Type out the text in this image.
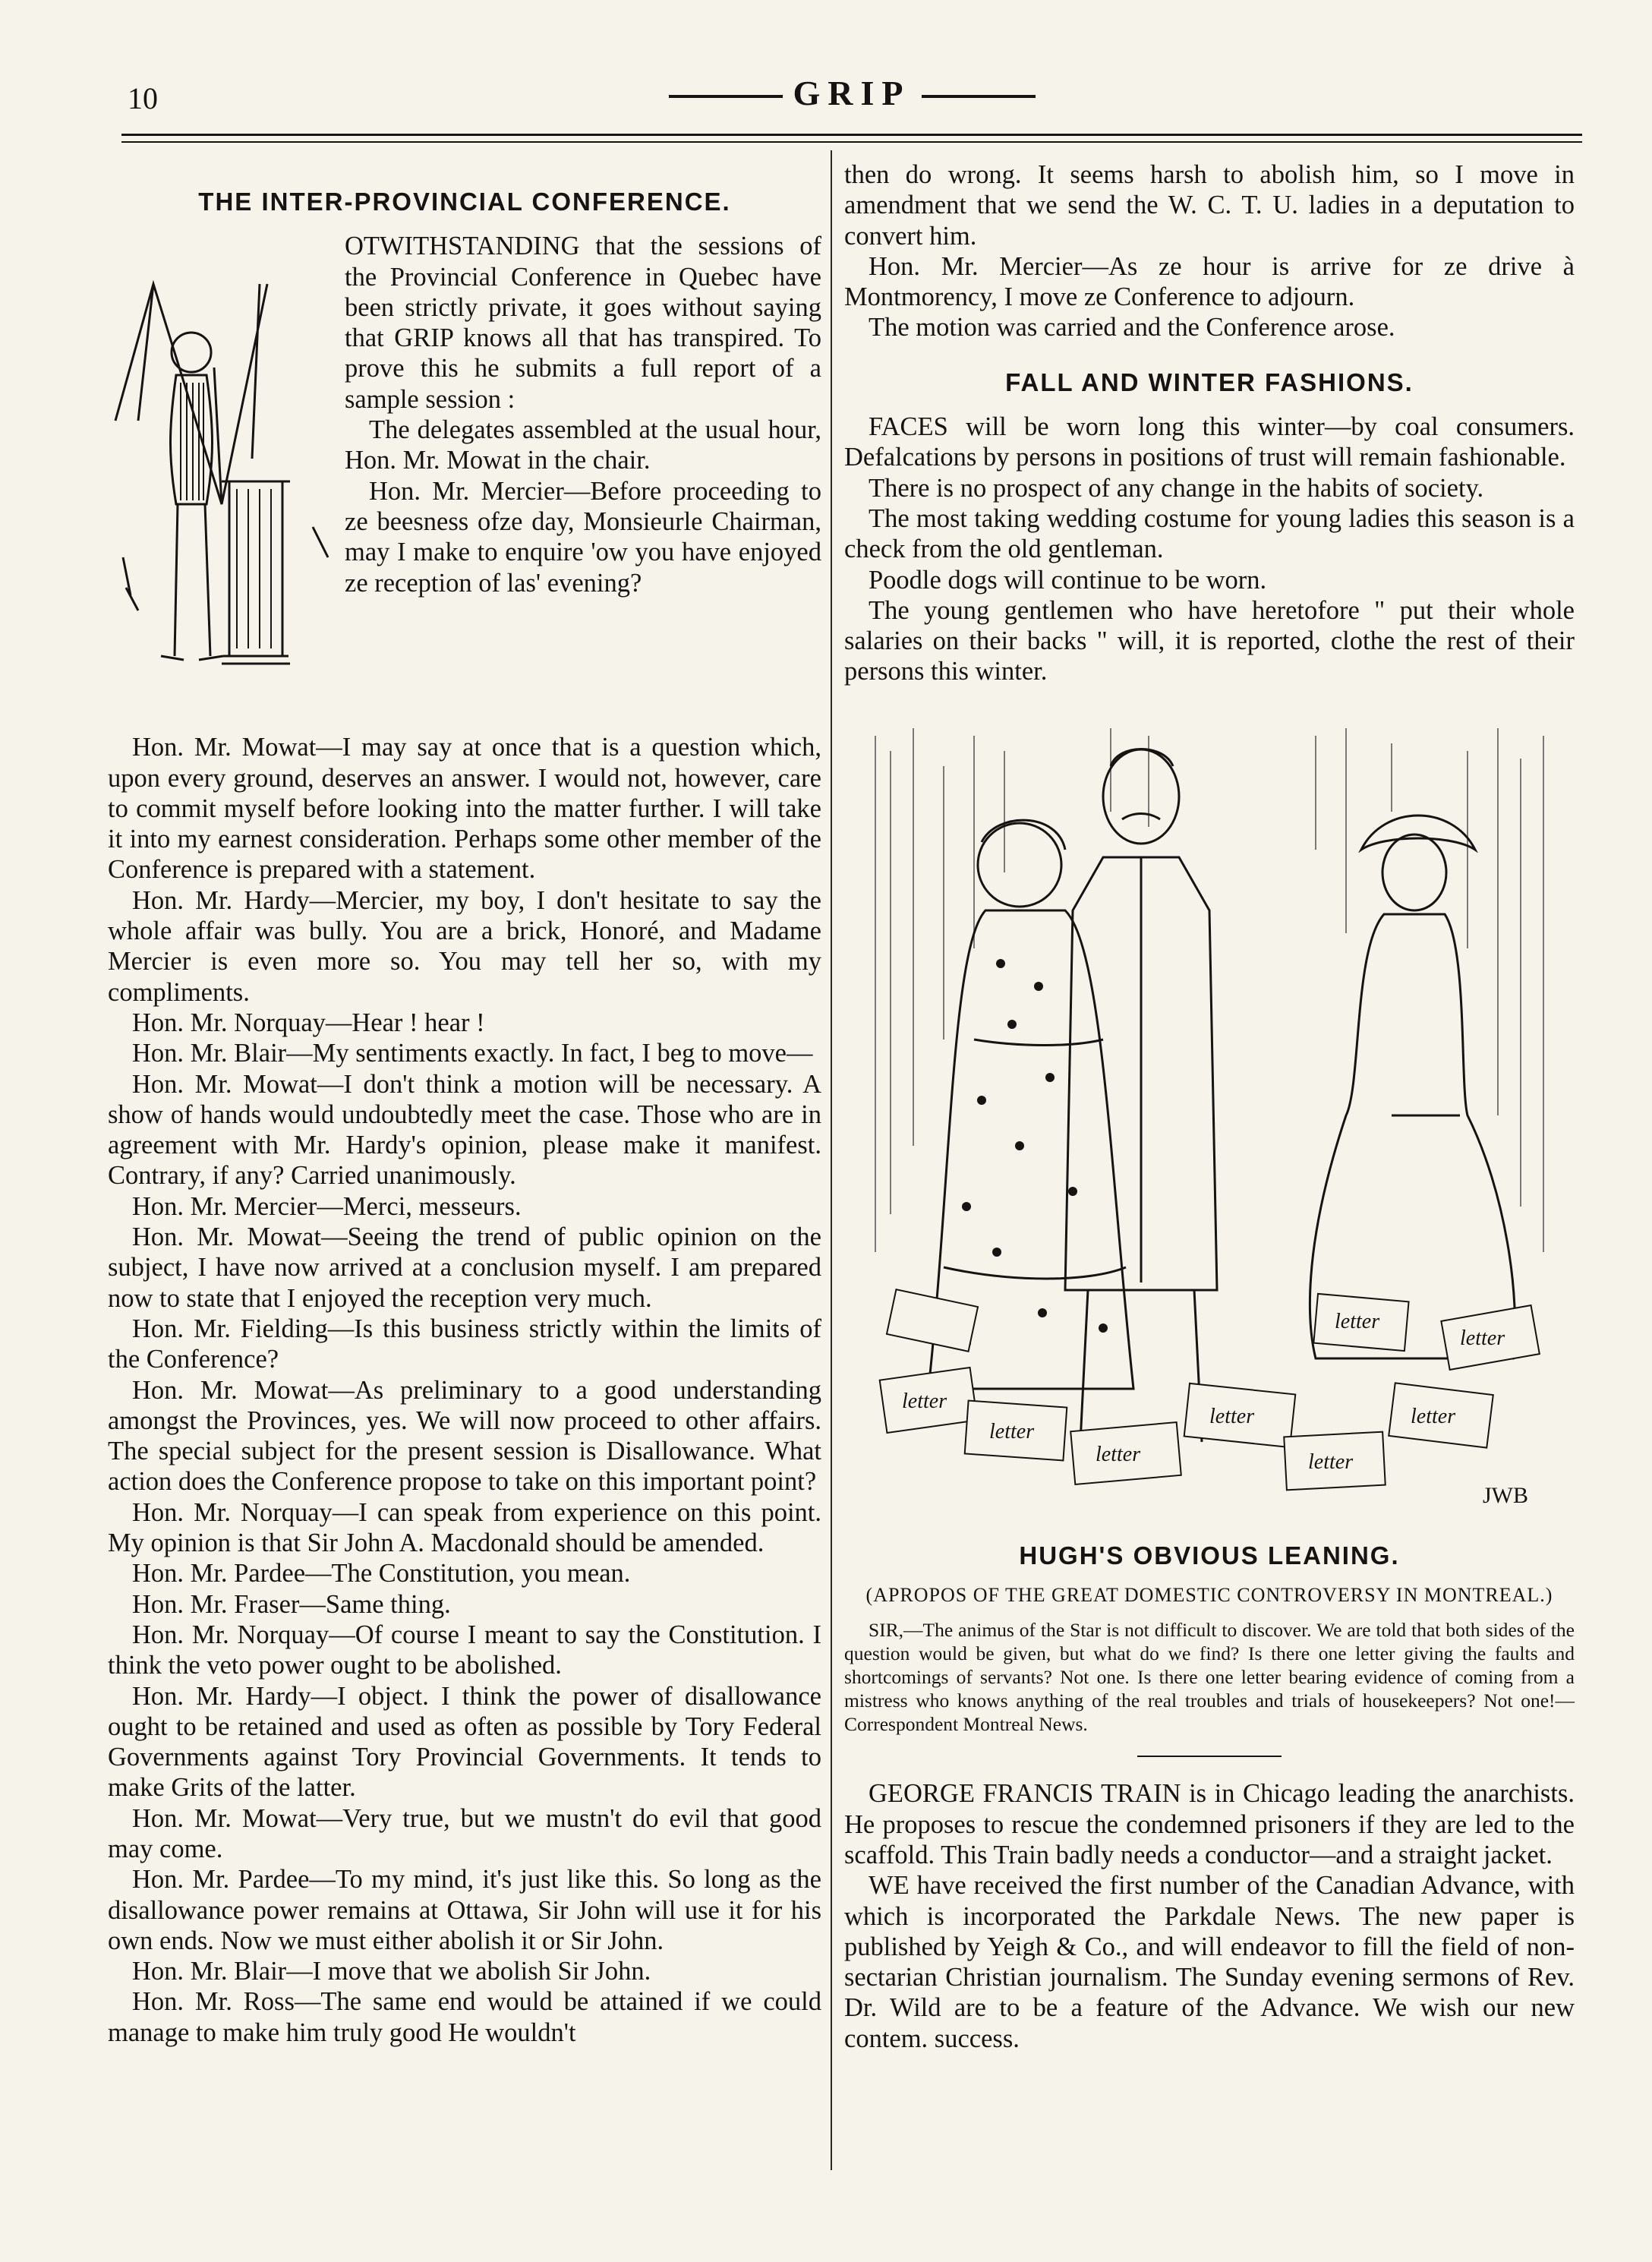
10	GRIP
THE INTER-PROVINCIAL CONFERENCE.

OTWITHSTANDING that the sessions of the Provincial Conference in Quebec have been strictly private, it goes without saying that GRIP knows all that has transpired. To prove this he submits a full report of a sample session :

The delegates assembled at the usual hour, Hon. Mr. Mowat in the chair.

Hon. Mr. Mercier—Before proceeding to ze beesness ofze day, Monsieurle Chairman, may I make to enquire 'ow you have enjoyed ze reception of las' evening?

Hon. Mr. Mowat—I may say at once that is a question which, upon every ground, deserves an answer. I would not, however, care to commit myself before looking into the matter further. I will take it into my earnest consideration. Perhaps some other member of the Conference is prepared with a statement.

Hon. Mr. Hardy—Mercier, my boy, I don't hesitate to say the whole affair was bully. You are a brick, Honoré, and Madame Mercier is even more so. You may tell her so, with my compliments.

Hon. Mr. Norquay—Hear ! hear !

Hon. Mr. Blair—My sentiments exactly. In fact, I beg to move—

Hon. Mr. Mowat—I don't think a motion will be necessary. A show of hands would undoubtedly meet the case. Those who are in agreement with Mr. Hardy's opinion, please make it manifest. Contrary, if any? Carried unanimously.

Hon. Mr. Mercier—Merci, messeurs.

Hon. Mr. Mowat—Seeing the trend of public opinion on the subject, I have now arrived at a conclusion myself. I am prepared now to state that I enjoyed the reception very much.

Hon. Mr. Fielding—Is this business strictly within the limits of the Conference?

Hon. Mr. Mowat—As preliminary to a good understanding amongst the Provinces, yes. We will now proceed to other affairs. The special subject for the present session is Disallowance. What action does the Conference propose to take on this important point?

Hon. Mr. Norquay—I can speak from experience on this point. My opinion is that Sir John A. Macdonald should be amended.

Hon. Mr. Pardee—The Constitution, you mean.

Hon. Mr. Fraser—Same thing.

Hon. Mr. Norquay—Of course I meant to say the Constitution. I think the veto power ought to be abolished.

Hon. Mr. Hardy—I object. I think the power of disallowance ought to be retained and used as often as possible by Tory Federal Governments against Tory Provincial Governments. It tends to make Grits of the latter.

Hon. Mr. Mowat—Very true, but we mustn't do evil that good may come.

Hon. Mr. Pardee—To my mind, it's just like this. So long as the disallowance power remains at Ottawa, Sir John will use it for his own ends. Now we must either abolish it or Sir John.

Hon. Mr. Blair—I move that we abolish Sir John.

Hon. Mr. Ross—The same end would be attained if we could manage to make him truly good He wouldn't

then do wrong. It seems harsh to abolish him, so I move in amendment that we send the W. C. T. U. ladies in a deputation to convert him.

Hon. Mr. Mercier—As ze hour is arrive for ze drive à Montmorency, I move ze Conference to adjourn.

The motion was carried and the Conference arose.

FALL AND WINTER FASHIONS.

FACES will be worn long this winter—by coal consumers. Defalcations by persons in positions of trust will remain fashionable.

There is no prospect of any change in the habits of society.

The most taking wedding costume for young ladies this season is a check from the old gentleman.

Poodle dogs will continue to be worn.

The young gentlemen who have heretofore " put their whole salaries on their backs " will, it is reported, clothe the rest of their persons this winter.

letter
letter
letter
letter
letter
letter
letter
letter
JWB
HUGH'S OBVIOUS LEANING.
(APROPOS OF THE GREAT DOMESTIC CONTROVERSY IN MONTREAL.)

SIR,—The animus of the Star is not difficult to discover. We are told that both sides of the question would be given, but what do we find? Is there one letter giving the faults and shortcomings of servants? Not one. Is there one letter bearing evidence of coming from a mistress who knows anything of the real troubles and trials of housekeepers? Not one!—Correspondent Montreal News.

GEORGE FRANCIS TRAIN is in Chicago leading the anarchists. He proposes to rescue the condemned prisoners if they are led to the scaffold. This Train badly needs a conductor—and a straight jacket.

WE have received the first number of the Canadian Advance, with which is incorporated the Parkdale News. The new paper is published by Yeigh & Co., and will endeavor to fill the field of non-sectarian Christian journalism. The Sunday evening sermons of Rev. Dr. Wild are to be a feature of the Advance. We wish our new contem. success.
